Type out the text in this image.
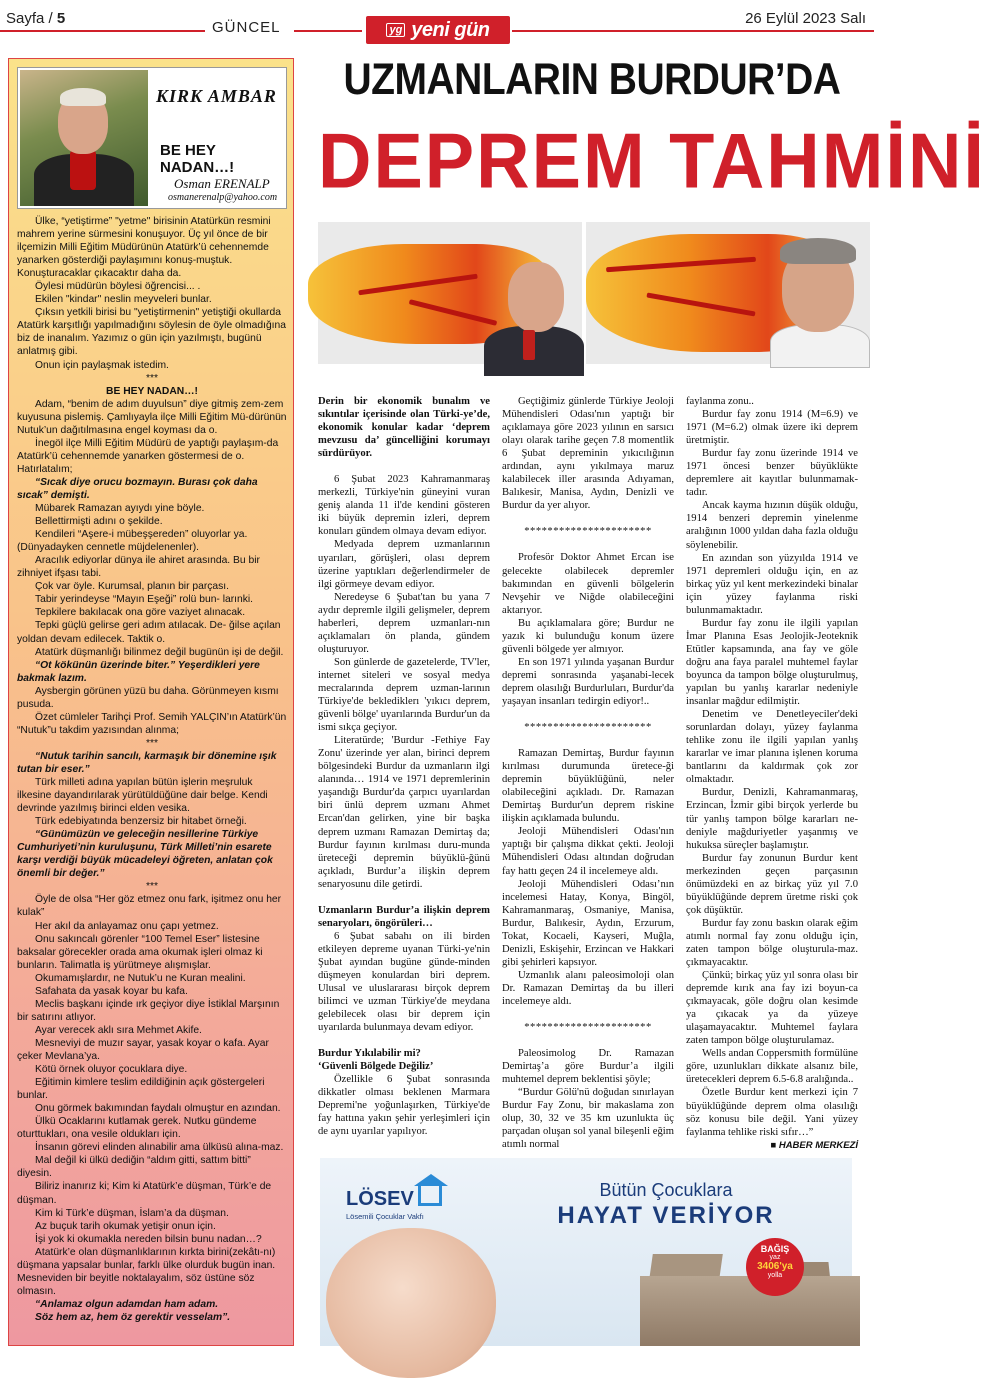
Sayfa / 5
GÜNCEL	yg yeni gün	26 Eylül 2023 Salı
KIRK AMBAR
BE HEY NADAN…!
Osman ERENALP
osmanerenalp@yahoo.com

Ülke, “yetiştirme” "yetme" birisinin Atatürkün resmini mahrem yerine sürmesini konuşuyor. Üç yıl önce de bir ilçemizin Milli Eğitim Müdürünün Atatürk’ü cehennemde yanarken gösterdiği paylaşımını konuş-muştuk. Konuşturacaklar çıkacaktır daha da.

Öylesi müdürün böylesi öğrencisi... .

Ekilen "kindar" neslin meyveleri bunlar.

Çıksın yetkili birisi bu "yetiştirmenin" yetiştiği okullarda Atatürk karşıtlığı yapılmadığını söylesin de öyle olmadığına biz de inanalım. Yazımız o gün için yazılmıştı, bugünü anlatmış gibi.

Onun için paylaşmak istedim.

***

BE HEY NADAN…!

Adam, “benim de adım duyulsun” diye gitmiş zem-zem kuyusuna pislemiş. Çamlıyayla ilçe Milli Eğitim Mü-dürünün Nutuk’un dağıtılmasına engel koyması da o.

İnegöl ilçe Milli Eğitim Müdürü de yaptığı paylaşım-da Atatürk’ü cehennemde yanarken göstermesi de o. Hatırlatalım;

“Sıcak diye orucu bozmayın. Burası çok daha sıcak” demişti.

Mübarek Ramazan ayıydı yine böyle.

Bellettirmişti adını o şekilde.

Kendileri “Aşere-i mübeşşereden” oluyorlar ya. (Dünyadayken cennetle müjdelenenler).

Aracılık ediyorlar dünya ile ahiret arasında. Bu bir zihniyet ifşası tabi.

Çok var öyle. Kurumsal, planın bir parçası.

Tabir yerindeyse “Mayın Eşeği” rolü bun- larınki.

Tepkilere bakılacak ona göre vaziyet alınacak.

Tepki güçlü gelirse geri adım atılacak. De- ğilse açılan yoldan devam edilecek. Taktik o.

Atatürk düşmanlığı bilinmez değil bugünün işi de değil.

“Ot kökünün üzerinde biter.” Yeşerdikleri yere bakmak lazım.

Aysbergin görünen yüzü bu daha. Görünmeyen kısmı pusuda.

Özet cümleler Tarihçi Prof. Semih YALÇIN’ın Atatürk’ün “Nutuk”u takdim yazısından alınma;

***

“Nutuk tarihin sancılı, karmaşık bir dönemine ışık tutan bir eser.”

Türk milleti adına yapılan bütün işlerin meşruluk ilkesine dayandırılarak yürütüldüğüne dair belge. Kendi devrinde yazılmış birinci elden vesika.

Türk edebiyatında benzersiz bir hitabet örneği.

“Günümüzün ve geleceğin nesillerine Türkiye Cumhuriyeti’nin kuruluşunu, Türk Milleti’nin esarete karşı verdiği büyük mücadeleyi öğreten, anlatan çok önemli bir değer.”

***

Öyle de olsa “Her göz etmez onu fark, işitmez onu her kulak”

Her akıl da anlayamaz onu çapı yetmez.

Onu sakıncalı görenler “100 Temel Eser” listesine baksalar görecekler orada ama okumak işleri olmaz ki bunların. Talimatla iş yürütmeye alışmışlar.

Okumamışlardır, ne Nutuk’u ne Kuran mealini.

Safahata da yasak koyar bu kafa.

Meclis başkanı içinde ırk geçiyor diye İstiklal Marşının bir satırını atlıyor.

Ayar verecek aklı sıra Mehmet Akife.

Mesneviyi de muzır sayar, yasak koyar o kafa. Ayar çeker Mevlana’ya.

Kötü örnek oluyor çocuklara diye.

Eğitimin kimlere teslim edildiğinin açık göstergeleri bunlar.

Onu görmek bakımından faydalı olmuştur en azından.

Ülkü Ocaklarını kutlamak gerek. Nutku gündeme oturttukları, ona vesile oldukları için.

İnsanın görevi elinden alınabilir ama ülküsü alına-maz.

Mal değil ki ülkü dediğin “aldım gitti, sattım bitti” diyesin.

Biliriz inanırız ki; Kim ki Atatürk’e düşman, Türk’e de düşman.

Kim ki Türk’e düşman, İslam’a da düşman.

Az buçuk tarih okumak yetişir onun için.

İşi yok ki okumakla nereden bilsin bunu nadan…?

Atatürk’e olan düşmanlıklarının kırkta birini(zekâtı-nı) düşmana yapsalar bunlar, farklı ülke olurduk bugün inan. Mesneviden bir beyitle noktalayalım, söz üstüne söz olmasın.

“Anlamaz olgun adamdan ham adam.

Söz hem az, hem öz gerektir vesselam”.

UZMANLARIN BURDUR’DA
DEPREM TAHMİNİ

Derin bir ekonomik bunalım ve sıkıntılar içerisinde olan Türki-ye’de, ekonomik konular kadar ‘deprem mevzusu da’ güncelliğini korumayı sürdürüyor.

6 Şubat 2023 Kahramanmaraş merkezli, Türkiye'nin güneyini vuran geniş alanda 11 il'de kendini gösteren iki büyük depremin izleri, deprem konuları gündem olmaya devam ediyor.

Medyada deprem uzmanlarının uyarıları, görüşleri, olası deprem üzerine yaptıkları değerlendirmeler de ilgi görmeye devam ediyor.

Neredeyse 6 Şubat'tan bu yana 7 aydır depremle ilgili gelişmeler, deprem haberleri, deprem uzmanları-nın açıklamaları ön planda, gündem oluşturuyor.

Son günlerde de gazetelerde, TV'ler, internet siteleri ve sosyal medya mecralarında deprem uzman-larının Türkiye'de beklediklerı 'yıkıcı deprem, güvenli bölge' uyarılarında Burdur'un da ismi sıkça geçiyor.

Literatürde; 'Burdur -Fethiye Fay Zonu' üzerinde yer alan, birinci deprem bölgesindeki Burdur da uzmanların ilgi alanında… 1914 ve 1971 depremlerinin yaşandığı Burdur'da çarpıcı uyarılardan biri ünlü deprem uzmanı Ahmet Ercan'dan gelirken, yine bir başka deprem uzmanı Ramazan Demirtaş da; Burdur fayının kırılması duru-munda üreteceği depremin büyüklü-ğünü açıkladı, Burdur’a ilişkin deprem senaryosunu dile getirdi.

Uzmanların Burdur’a ilişkin deprem senaryoları, öngörüleri…

6 Şubat sabahı on ili birden etkileyen depreme uyanan Türki-ye'nin Şubat ayından bugüne günde-minden düşmeyen konulardan biri deprem. Ulusal ve uluslararası birçok deprem bilimci ve uzman Türkiye'de meydana gelebilecek olası bir deprem için uyarılarda bulunmaya devam ediyor.

Burdur Yıkılabilir mi?

‘Güvenli Bölgede Değiliz’

Özellikle 6 Şubat sonrasında dikkatler olması beklenen Marmara Depremi'ne yoğunlaşırken, Türkiye'de fay hattına yakın şehir yerleşimleri için de aynı uyarılar yapılıyor.

Geçtiğimiz günlerde Türkiye Jeoloji Mühendisleri Odası'nın yaptığı bir açıklamaya göre 2023 yılının en sarsıcı olayı olarak tarihe geçen 7.8 momentlik 6 Şubat depreminin yıkıcılığının ardından, aynı yıkılmaya maruz kalabilecek iller arasında Adıyaman, Balıkesir, Manisa, Aydın, Denizli ve Burdur da yer alıyor.

**********************

Profesör Doktor Ahmet Ercan ise gelecekte olabilecek depremler bakımından en güvenli bölgelerin Nevşehir ve Niğde olabileceğini aktarıyor.

Bu açıklamalara göre; Burdur ne yazık ki bulunduğu konum üzere güvenli bölgede yer almıyor.

En son 1971 yılında yaşanan Burdur depremi sonrasında yaşanabi-lecek deprem olasılığı Burdurluları, Burdur'da yaşayan insanları tedirgin ediyor!..

**********************

Ramazan Demirtaş, Burdur fayının kırılması durumunda üretece-ği depremin büyüklüğünü, neler olabileceğini açıkladı. Dr. Ramazan Demirtaş Burdur'un deprem riskine ilişkin açıklamada bulundu.

Jeoloji Mühendisleri Odası'nın yaptığı bir çalışma dikkat çekti. Jeoloji Mühendisleri Odası altından doğrudan fay hattı geçen 24 il incelemeye aldı.

Jeoloji Mühendisleri Odası’nın incelemesi Hatay, Konya, Bingöl, Kahramanmaraş, Osmaniye, Manisa, Burdur, Balıkesir, Aydın, Erzurum, Tokat, Kocaeli, Kayseri, Muğla, Denizli, Eskişehir, Erzincan ve Hakkari gibi şehirleri kapsıyor.

Uzmanlık alanı paleosimoloji olan Dr. Ramazan Demirtaş da bu illeri incelemeye aldı.

**********************

Paleosimolog Dr. Ramazan Demirtaş’a göre Burdur’a ilgili muhtemel deprem beklentisi şöyle;

“Burdur Gölü'nü doğudan sınırlayan Burdur Fay Zonu, bir makaslama zon olup, 30, 32 ve 35 km uzunlukta üç parçadan oluşan sol yanal bileşenli eğim atımlı normal

faylanma zonu..

Burdur fay zonu 1914 (M=6.9) ve 1971 (M=6.2) olmak üzere iki deprem üretmiştir.

Burdur fay zonu üzerinde 1914 ve 1971 öncesi benzer büyüklükte depremlere ait kayıtlar bulunmamak-tadır.

Ancak kayma hızının düşük olduğu, 1914 benzeri depremin yinelenme aralığının 1000 yıldan daha fazla olduğu söylenebilir.

En azından son yüzyılda 1914 ve 1971 depremleri olduğu için, en az birkaç yüz yıl kent merkezindeki binalar için yüzey faylanma riski bulunmamaktadır.

Burdur fay zonu ile ilgili yapılan İmar Planına Esas Jeolojik-Jeoteknik Etütler kapsamında, ana fay ve göle doğru ana faya paralel muhtemel faylar boyunca da tampon bölge oluşturulmuş, yapılan bu yanlış kararlar nedeniyle insanlar mağdur edilmiştir.

Denetim ve Denetleyeciler'deki sorunlardan dolayı, yüzey faylanma tehlike zonu ile ilgili yapılan yanlış kararlar ve imar planına işlenen koruma bantlarını da kaldırmak çok zor olmaktadır.

Burdur, Denizli, Kahramanmaraş, Erzincan, İzmir gibi birçok yerlerde bu tür yanlış tampon bölge kararları ne- deniyle mağduriyetler yaşanmış ve hukuksa süreçler başlamıştır.

Burdur fay zonunun Burdur kent merkezinden geçen parçasının önümüzdeki en az birkaç yüz yıl 7.0 büyüklüğünde deprem üretme riski çok çok düşüktür.

Burdur fay zonu baskın olarak eğim atımlı normal fay zonu olduğu için, zaten tampon bölge oluşturula-maz. çıkmayacaktır.

Çünkü; birkaç yüz yıl sonra olası bir depremde kırık ana fay izi boyun-ca çıkmayacak, göle doğru olan kesimde ya çıkacak ya da yüzeye ulaşamayacaktır. Muhtemel faylara zaten tampon bölge oluşturulamaz.

Wells andan Coppersmith formülüne göre, uzunlukları dikkate alsanız bile, üretecekleri deprem 6.5-6.8 aralığında..

Özetle Burdur kent merkezi için 7 büyüklüğünde deprem olma olasılığı söz konusu bile değil. Yani yüzey faylanma tehlike riski sıfır…”

■ HABER MERKEZİ

LÖSEV
Lösemili Çocuklar Vakfı
Bütün Çocuklara
HAYAT VERİYOR
BAĞIŞ
yaz
3406'ya
yolla
